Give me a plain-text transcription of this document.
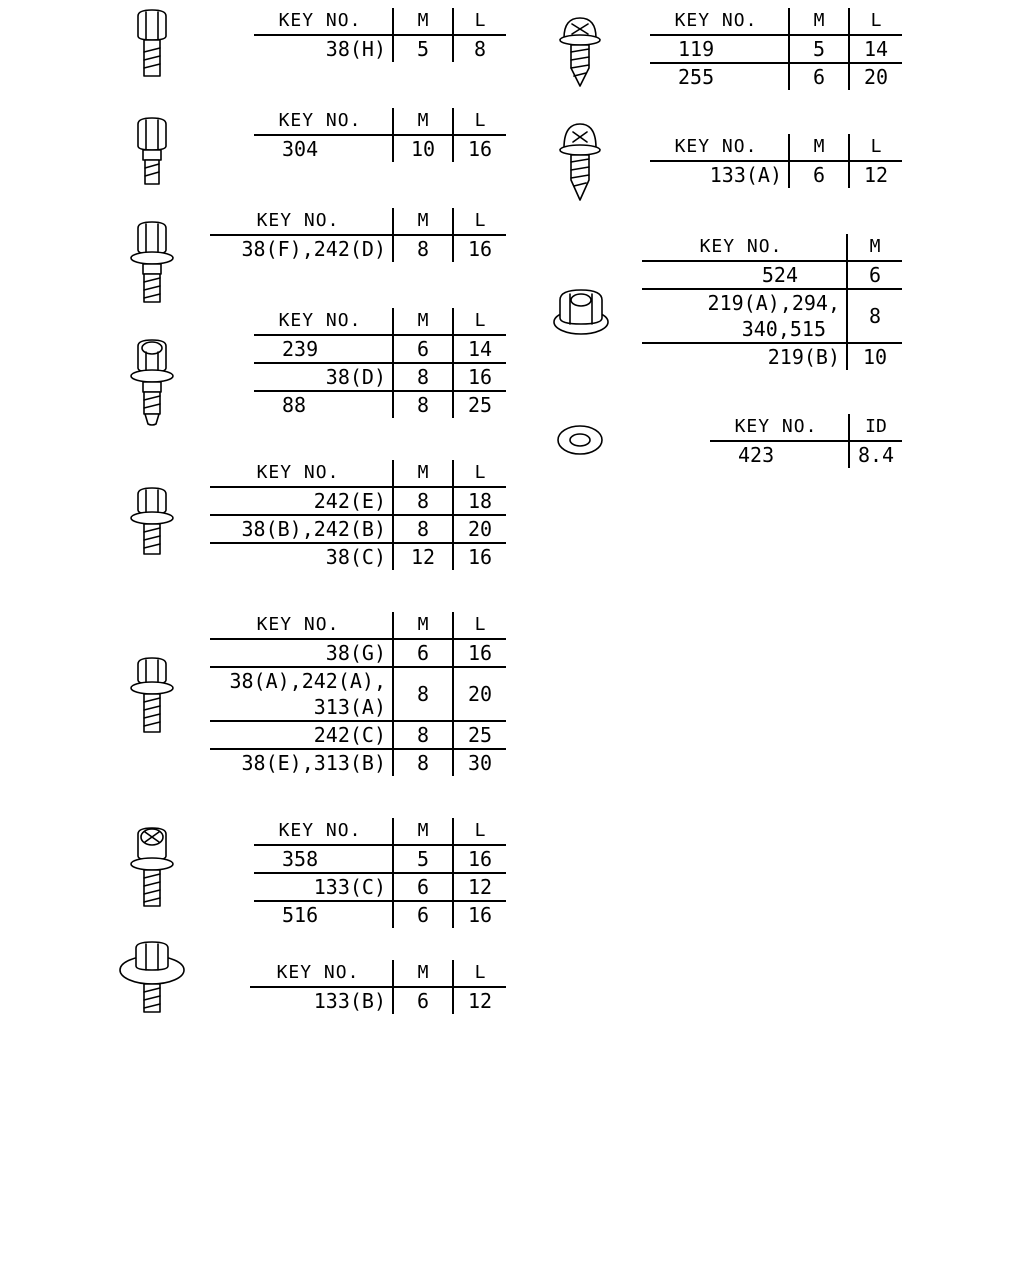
KEY NO.	M	L
38(H)	5	8
KEY NO.	M	L
304	10	16
KEY NO.	M	L
38(F),242(D)	8	16
KEY NO.	M	L
239	6	14
38(D)	8	16
88	8	25
KEY NO.	M	L
242(E)	8	18
38(B),242(B)	8	20
38(C)	12	16
KEY NO.	M	L
38(G)	6	16
38(A),242(A),
313(A)	8	20
242(C)	8	25
38(E),313(B)	8	30
KEY NO.	M	L
358	5	16
133(C)	6	12
516	6	16
KEY NO.	M	L
133(B)	6	12
KEY NO.	M	L
119	5	14
255	6	20
KEY NO.	M	L
133(A)	6	12
KEY NO.	M
524	6
219(A),294,
340,515	8
219(B)	10
KEY NO.	ID
423	8.4
